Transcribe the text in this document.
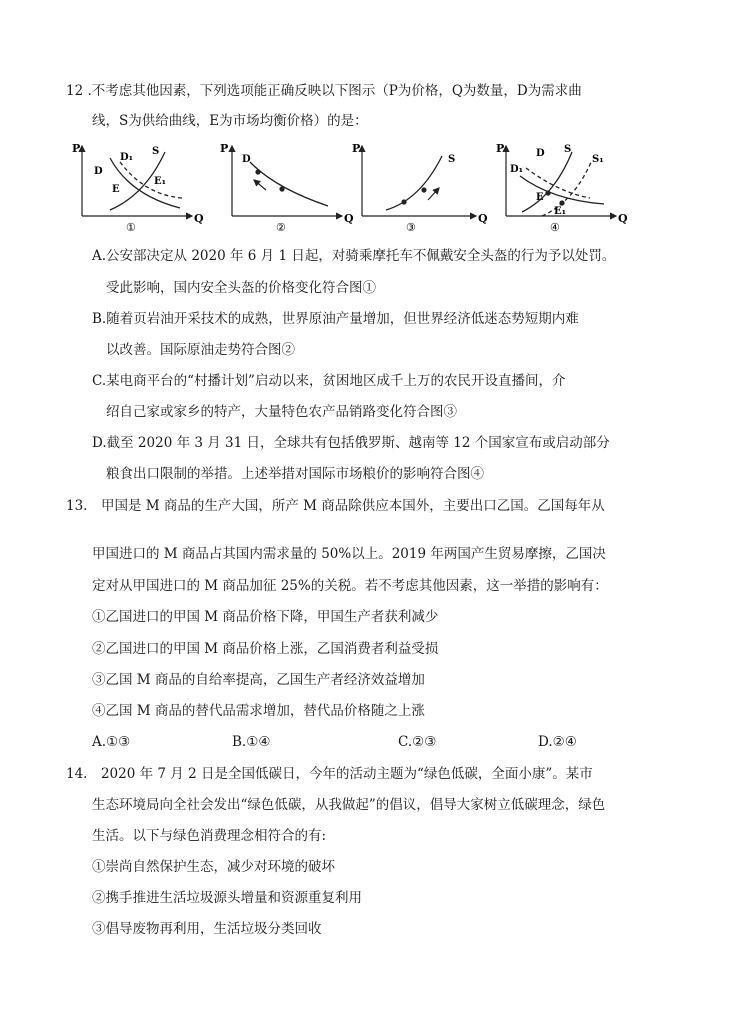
12 .不考虑其他因素，下列选项能正确反映以下图示（P为价格，Q为数量，D为需求曲
线，S为供给曲线，E为市场均衡价格）的是：
P
Q
D₁
S
D
E
E₁
①
P
Q
D
②
P
Q
S
③
P
Q
D S
S₁
D₁
E
E₁
④
A.公安部决定从 2020 年 6 月 1 日起，对骑乘摩托车不佩戴安全头盔的行为予以处罚。
受此影响，国内安全头盔的价格变化符合图①
B.随着页岩油开采技术的成熟，世界原油产量增加，但世界经济低迷态势短期内难
以改善。国际原油走势符合图②
C.某电商平台的“村播计划”启动以来，贫困地区成千上万的农民开设直播间，介
绍自己家或家乡的特产，大量特色农产品销路变化符合图③
D.截至 2020 年 3 月 31 日，全球共有包括俄罗斯、越南等 12 个国家宣布或启动部分
粮食出口限制的举措。上述举措对国际市场粮价的影响符合图④
13.　甲国是 M 商品的生产大国，所产 M 商品除供应本国外，主要出口乙国。乙国每年从
甲国进口的 M 商品占其国内需求量的 50%以上。2019 年两国产生贸易摩擦，乙国决
定对从甲国进口的 M 商品加征 25%的关税。若不考虑其他因素，这一举措的影响有：
①乙国进口的甲国 M 商品价格下降，甲国生产者获利减少
②乙国进口的甲国 M 商品价格上涨，乙国消费者利益受损
③乙国 M 商品的自给率提高，乙国生产者经济效益增加
④乙国 M 商品的替代品需求增加，替代品价格随之上涨
A.①③	B.①④	C.②③	D.②④
14.　2020 年 7 月 2 日是全国低碳日，今年的活动主题为“绿色低碳，全面小康”。某市
生态环境局向全社会发出“绿色低碳，从我做起”的倡议，倡导大家树立低碳理念，绿色
生活。以下与绿色消费理念相符合的有:
①崇尚自然保护生态，减少对环境的破坏
②携手推进生活垃圾源头增量和资源重复利用
③倡导废物再利用，生活垃圾分类回收
